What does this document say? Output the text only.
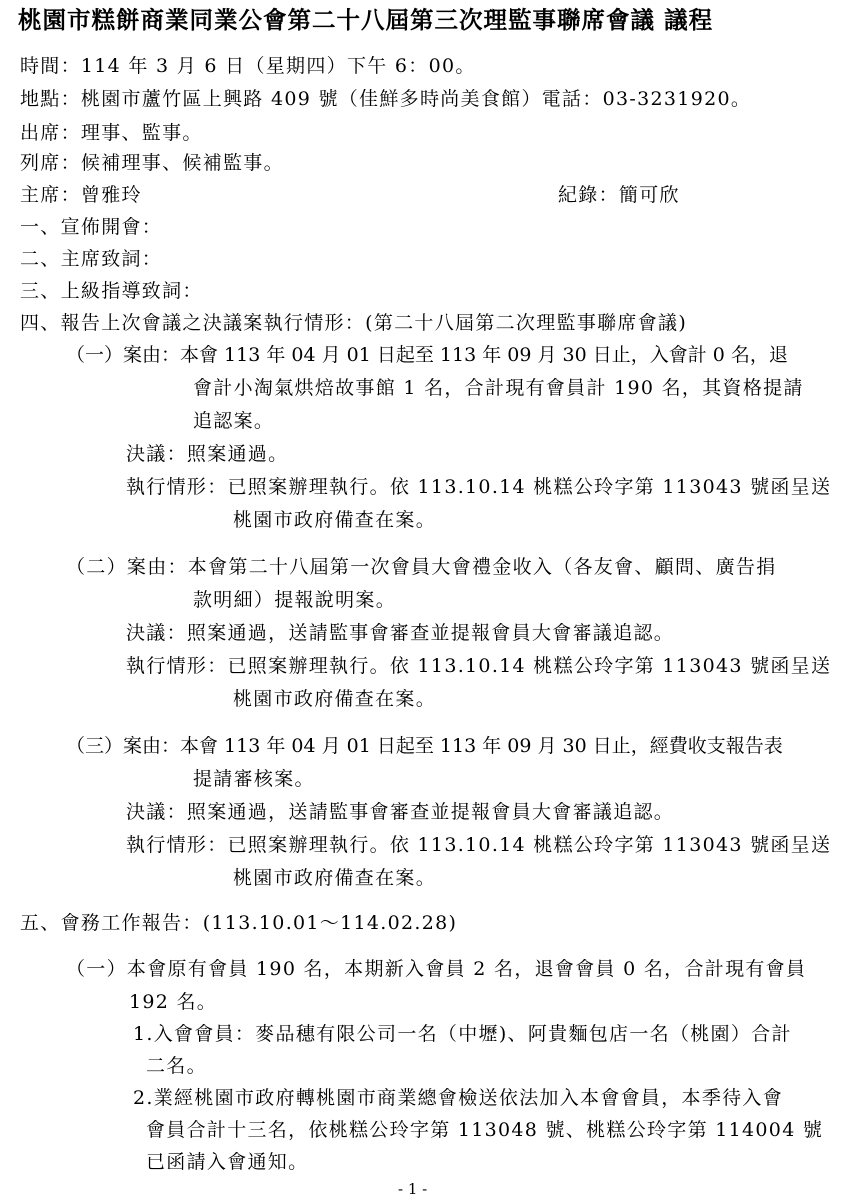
桃園市糕餅商業同業公會第二十八屆第三次理監事聯席會議 議程
時間：114 年 3 月 6 日（星期四）下午 6：00。
地點：桃園市蘆竹區上興路 409 號（佳鮮多時尚美食館）電話：03-3231920。
出席：理事、監事。
列席：候補理事、候補監事。
主席：曾雅玲	紀錄：簡可欣
一、宣佈開會：
二、主席致詞：
三、上級指導致詞：
四、報告上次會議之決議案執行情形：(第二十八屆第二次理監事聯席會議)
（一）案由：本會 113 年 04 月 01 日起至 113 年 09 月 30 日止，入會計 0 名，退
會計小淘氣烘焙故事館 1 名，合計現有會員計 190 名，其資格提請
追認案。
決議：照案通過。
執行情形：已照案辦理執行。依 113.10.14 桃糕公玲字第 113043 號函呈送
桃園市政府備查在案。
（二）案由：本會第二十八屆第一次會員大會禮金收入（各友會、顧問、廣告捐
款明細）提報說明案。
決議：照案通過，送請監事會審查並提報會員大會審議追認。
執行情形：已照案辦理執行。依 113.10.14 桃糕公玲字第 113043 號函呈送
桃園市政府備查在案。
（三）案由：本會 113 年 04 月 01 日起至 113 年 09 月 30 日止，經費收支報告表
提請審核案。
決議：照案通過，送請監事會審查並提報會員大會審議追認。
執行情形：已照案辦理執行。依 113.10.14 桃糕公玲字第 113043 號函呈送
桃園市政府備查在案。
五、會務工作報告：(113.10.01～114.02.28)
（一）本會原有會員 190 名，本期新入會員 2 名，退會會員 0 名，合計現有會員
192 名。
1.入會會員：麥品穗有限公司一名（中壢)、阿貴麵包店一名（桃園）合計
二名。
2.業經桃園市政府轉桃園市商業總會檢送依法加入本會會員，本季待入會
會員合計十三名，依桃糕公玲字第 113048 號、桃糕公玲字第 114004 號
已函請入會通知。
- 1 -
